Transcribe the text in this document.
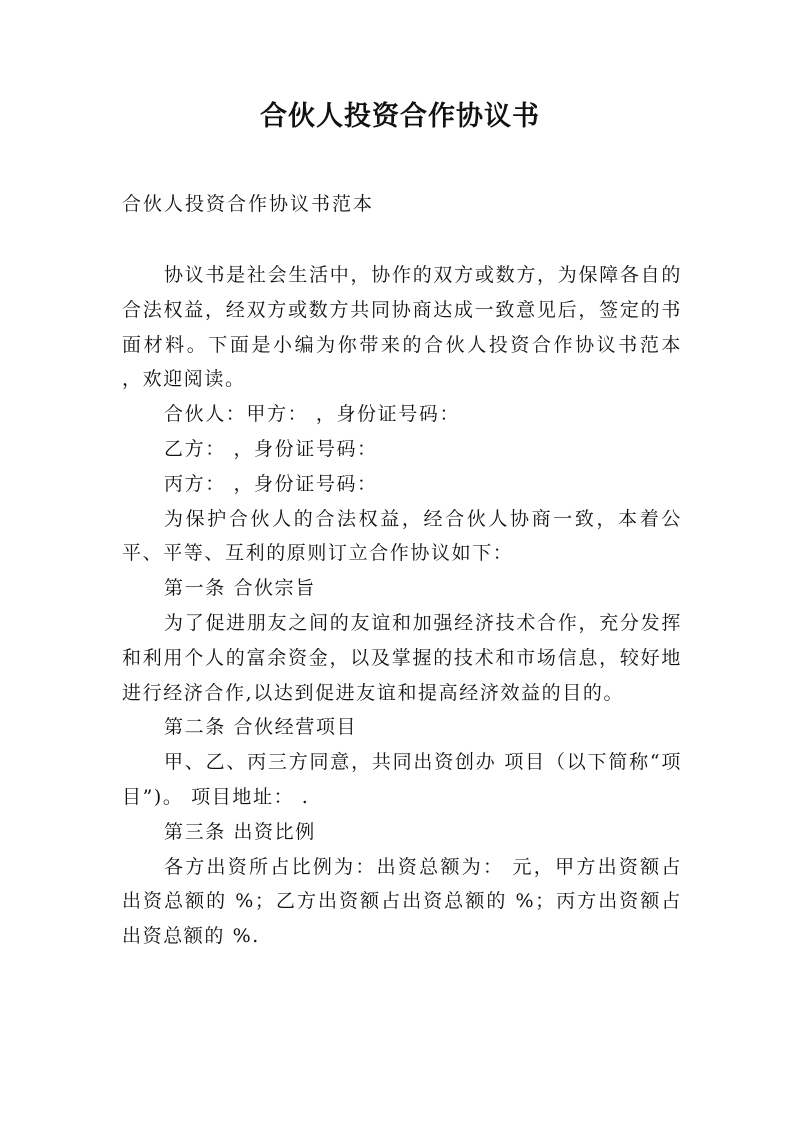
合伙人投资合作协议书
合伙人投资合作协议书范本

协议书是社会生活中，协作的双方或数方，为保障各自的合法权益，经双方或数方共同协商达成一致意见后，签定的书面材料。下面是小编为你带来的合伙人投资合作协议书范本 ，欢迎阅读。

合伙人：甲方： ，身份证号码：

乙方： ，身份证号码：

丙方： ，身份证号码：

为保护合伙人的合法权益，经合伙人协商一致，本着公平、平等、互利的原则订立合作协议如下：

第一条 合伙宗旨

为了促进朋友之间的友谊和加强经济技术合作，充分发挥和利用个人的富余资金，以及掌握的技术和市场信息，较好地进行经济合作,以达到促进友谊和提高经济效益的目的。

第二条 合伙经营项目

甲、乙、丙三方同意，共同出资创办 项目（以下简称“项目”)。 项目地址： .

第三条 出资比例

各方出资所占比例为：出资总额为： 元，甲方出资额占出资总额的 %；乙方出资额占出资总额的 %；丙方出资额占出资总额的 %.
